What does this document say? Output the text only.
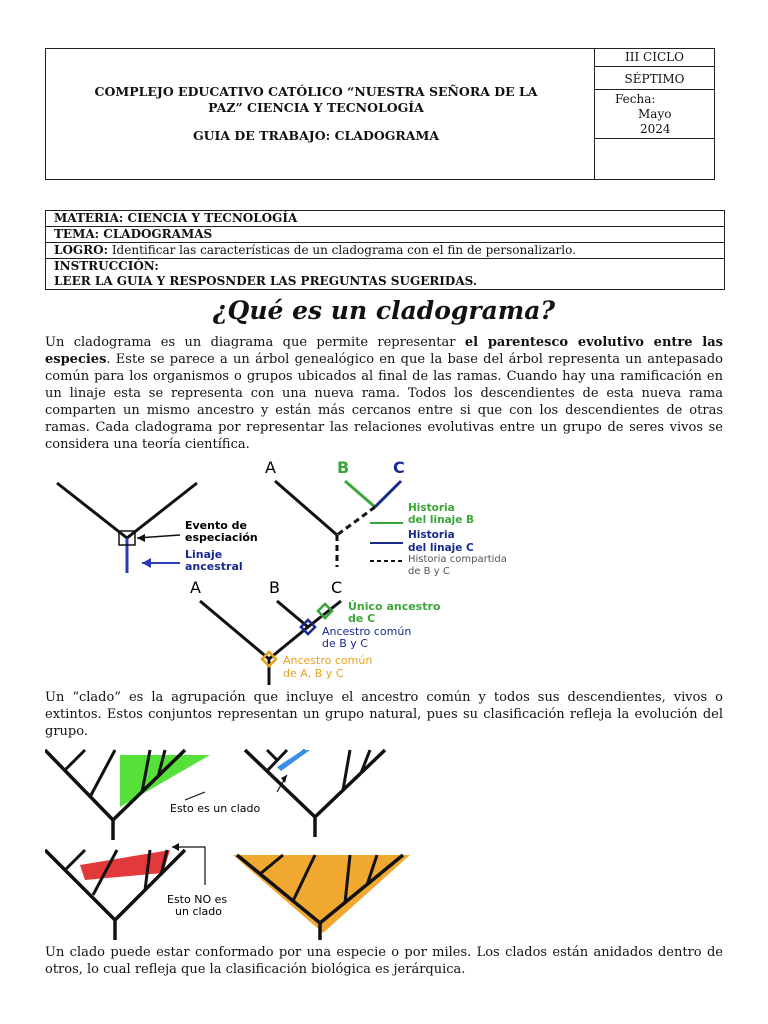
COMPLEJO EDUCATIVO CATÓLICO “NUESTRA SEÑORA DE LA
PAZ” CIENCIA Y TECNOLOGÍA
GUIA DE TRABAJO: CLADOGRAMA
III CICLO
SÉPTIMO
Fecha:
Mayo
2024
MATERIA: CIENCIA Y TECNOLOGÍA
TEMA: CLADOGRAMAS
LOGRO: Identificar las características de un cladograma con el fin de personalizarlo.
INSTRUCCIÓN:
LEER LA GUIA Y RESPOSNDER LAS PREGUNTAS SUGERIDAS.
¿Qué es un cladograma?

Un cladograma es un diagrama que permite representar el parentesco evolutivo entre las especies. Este se parece a un árbol genealógico en que la base del árbol representa un antepasado común para los organismos o grupos ubicados al final de las ramas. Cuando hay una ramificación en un linaje esta se representa con una nueva rama. Todos los descendientes de esta nueva rama comparten un mismo ancestro y están más cercanos entre si que con los descendientes de otras ramas. Cada cladograma por representar las relaciones evolutivas entre un grupo de seres vivos se considera una teoría científica.

Evento de
especiación
Linaje
ancestral
A	B	C
Historia
del linaje B
Historia
del linaje C
Historia compartida
de B y C
A	B	C
Único ancestro
de C
Ancestro común
de B y C
Ancestro común
de A, B y C

Un “clado” es la agrupación que incluye el ancestro común y todos sus descendientes, vivos o extintos. Estos conjuntos representan un grupo natural, pues su clasificación refleja la evolución del grupo.

Esto es un clado
Esto NO es
un clado

Un clado puede estar conformado por una especie o por miles. Los clados están anidados dentro de otros, lo cual refleja que la clasificación biológica es jerárquica.
